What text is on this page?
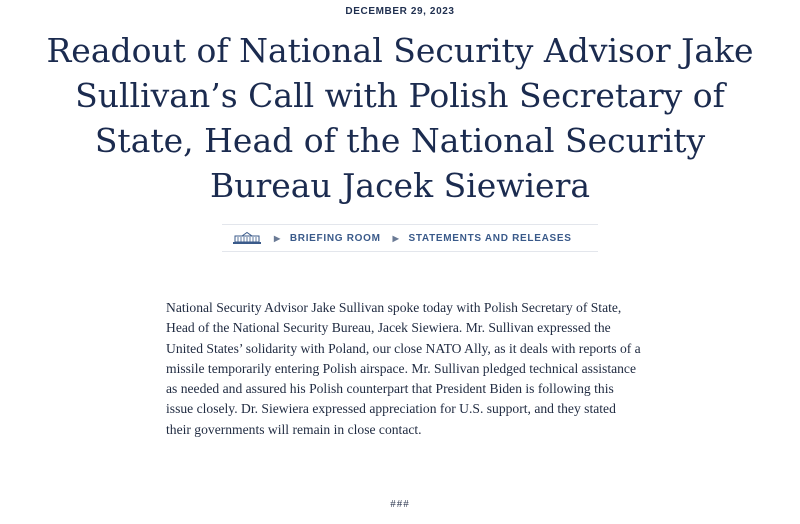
DECEMBER 29, 2023
Readout of National Security Advisor Jake Sullivan’s Call with Polish Secretary of State, Head of the National Security Bureau Jacek Siewiera
▶ BRIEFING ROOM ▶ STATEMENTS AND RELEASES

National Security Advisor Jake Sullivan spoke today with Polish Secretary of State, Head of the National Security Bureau, Jacek Siewiera. Mr. Sullivan expressed the United States’ solidarity with Poland, our close NATO Ally, as it deals with reports of a missile temporarily entering Polish airspace. Mr. Sullivan pledged technical assistance as needed and assured his Polish counterpart that President Biden is following this issue closely. Dr. Siewiera expressed appreciation for U.S. support, and they stated their governments will remain in close contact.

###
